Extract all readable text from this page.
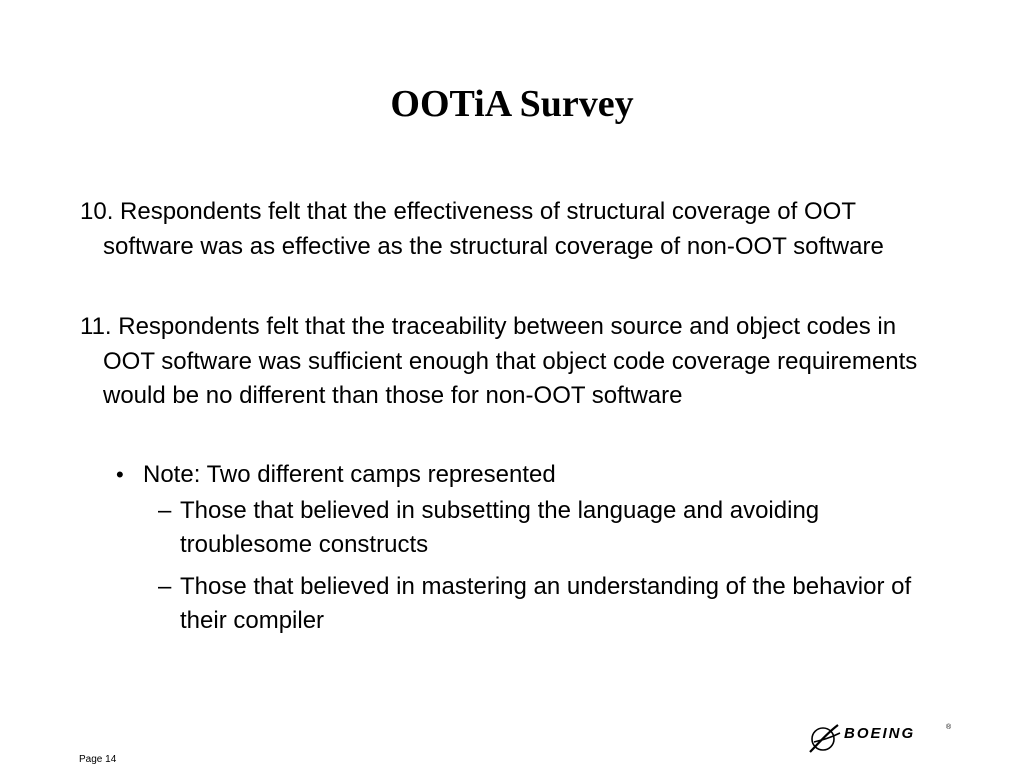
OOTiA Survey

10. Respondents felt that the effectiveness of structural coverage of OOT software was as effective as the structural coverage of non-OOT software

11. Respondents felt that the traceability between source and object codes in OOT software was sufficient enough that object code coverage requirements would be no different than those for non-OOT software

• Note: Two different camps represented

– Those that believed in subsetting the language and avoiding troublesome constructs

– Those that believed in mastering an understanding of the behavior of their compiler

Page 14
BOEING	®
